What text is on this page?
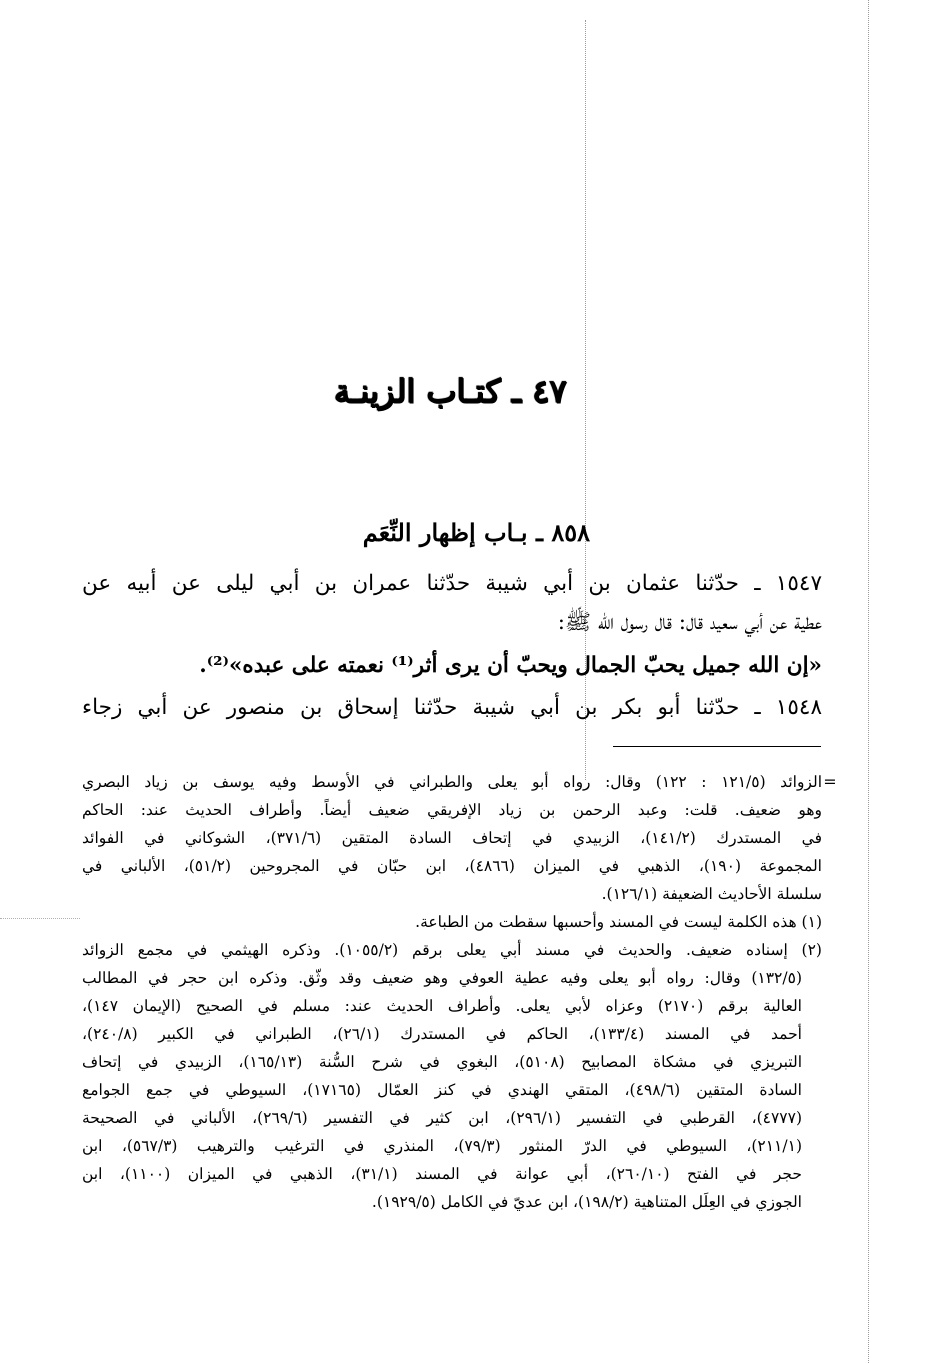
٤٧ ـ كتـاب الزينـة
٨٥٨ ـ بـاب إظهار النِّعَم
١٥٤٧ ـ حدّثنا عثمان بن أبي شيبة حدّثنا عمران بن أبي ليلى عن أبيه عن
عطية عن أبي سعيد قال: قال رسول الله ﷺ:
«إن الله جميل يحبّ الجمال ويحبّ أن يرى أثر⁽¹⁾ نعمته على عبده»⁽²⁾.
١٥٤٨ ـ حدّثنا أبو بكر بن أبي شيبة حدّثنا إسحاق بن منصور عن أبي زجاء
=
الزوائد (١٢١/٥ : ١٢٢) وقال: رواه أبو يعلى والطبراني في الأوسط وفيه يوسف بن زياد البصري
وهو ضعيف. قلت: وعبد الرحمن بن زياد الإفريقي ضعيف أيضاً. وأطراف الحديث عند: الحاكم
في المستدرك (١٤١/٢)، الزبيدي في إتحاف السادة المتقين (٣٧١/٦)، الشوكاني في الفوائد
المجموعة (١٩٠)، الذهبي في الميزان (٤٨٦٦)، ابن حبّان في المجروحين (٥١/٢)، الألباني في
سلسلة الأحاديث الضعيفة (١٢٦/١).
(١) هذه الكلمة ليست في المسند وأحسبها سقطت من الطباعة.
(٢) إسناده ضعيف. والحديث في مسند أبي يعلى برقم (١٠٥٥/٢). وذكره الهيثمي في مجمع الزوائد
(١٣٢/٥) وقال: رواه أبو يعلى وفيه عطية العوفي وهو ضعيف وقد وثّق. وذكره ابن حجر في المطالب
العالية برقم (٢١٧٠) وعزاه لأبي يعلى. وأطراف الحديث عند: مسلم في الصحيح (الإيمان ١٤٧)،
أحمد في المسند (١٣٣/٤)، الحاكم في المستدرك (٢٦/١)، الطبراني في الكبير (٢٤٠/٨)،
التبريزي في مشكاة المصابيح (٥١٠٨)، البغوي في شرح السُّنة (١٦٥/١٣)، الزبيدي في إتحاف
السادة المتقين (٤٩٨/٦)، المتقي الهندي في كنز العمّال (١٧١٦٥)، السيوطي في جمع الجوامع
(٤٧٧٧)، القرطبي في التفسير (٢٩٦/١)، ابن كثير في التفسير (٢٦٩/٦)، الألباني في الصحيحة
(٢١١/١)، السيوطي في الدرّ المنثور (٧٩/٣)، المنذري في الترغيب والترهيب (٥٦٧/٣)، ابن
حجر في الفتح (٢٦٠/١٠)، أبي عوانة في المسند (٣١/١)، الذهبي في الميزان (١١٠٠)، ابن
الجوزي في العِلَل المتناهية (١٩٨/٢)، ابن عديّ في الكامل (١٩٢٩/٥).
